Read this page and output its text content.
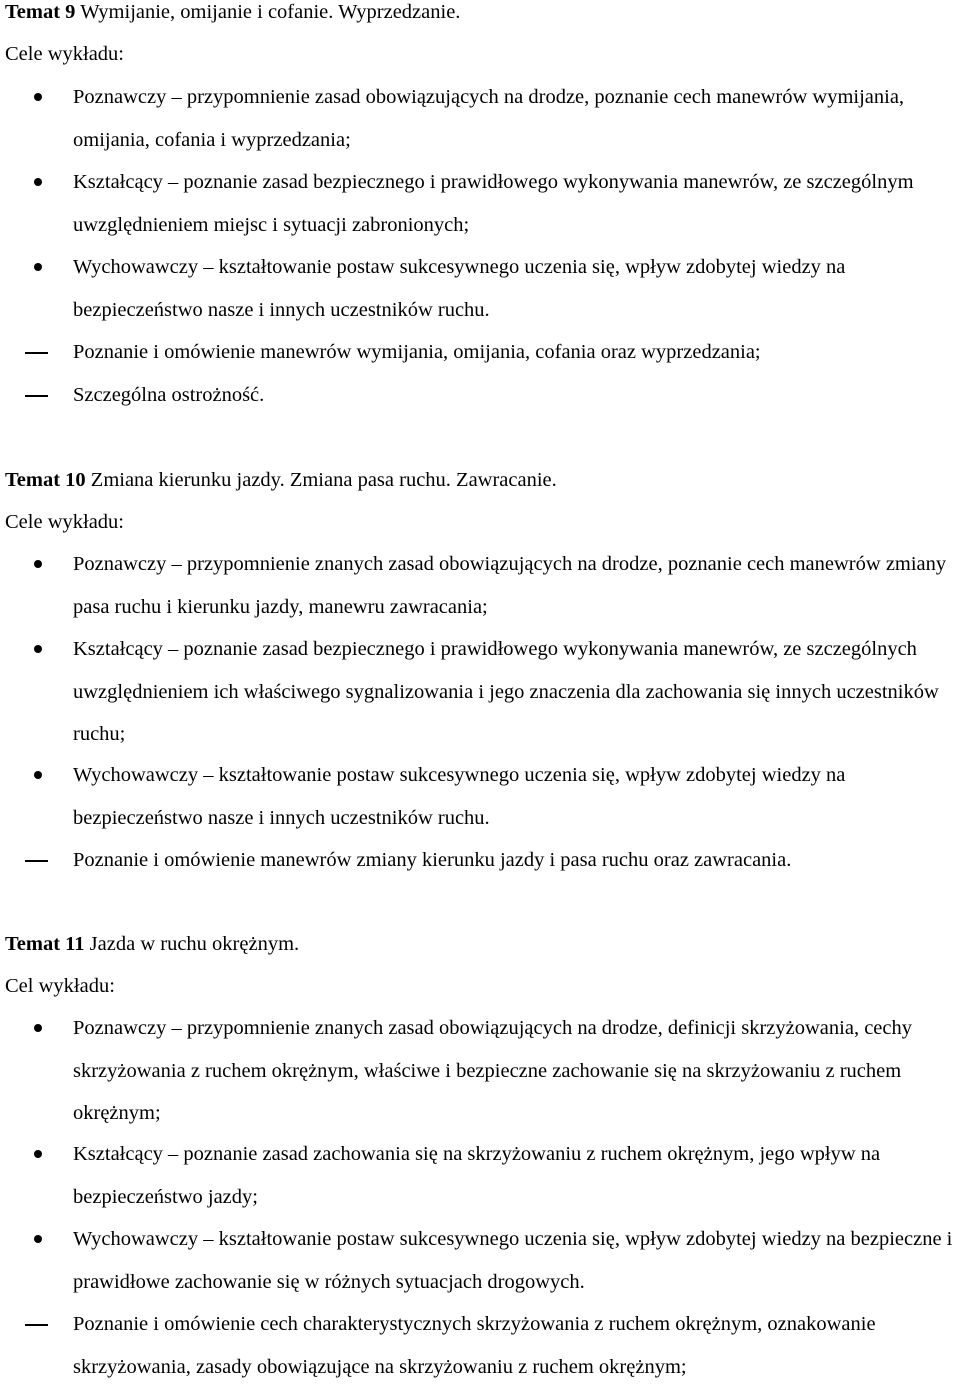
Temat 9 Wymijanie, omijanie i cofanie. Wyprzedzanie.
Cele wykładu:
Poznawczy – przypomnienie zasad obowiązujących na drodze, poznanie cech manewrów wymijania, omijania, cofania i wyprzedzania;
Kształcący – poznanie zasad bezpiecznego i prawidłowego wykonywania manewrów, ze szczególnym uwzględnieniem miejsc i sytuacji zabronionych;
Wychowawczy – kształtowanie postaw sukcesywnego uczenia się, wpływ zdobytej wiedzy na bezpieczeństwo nasze i innych uczestników ruchu.
Poznanie i omówienie manewrów wymijania, omijania, cofania oraz wyprzedzania;
Szczególna ostrożność.
Temat 10 Zmiana kierunku jazdy. Zmiana pasa ruchu. Zawracanie.
Cele wykładu:
Poznawczy – przypomnienie znanych zasad obowiązujących na drodze, poznanie cech manewrów zmiany pasa ruchu i kierunku jazdy, manewru zawracania;
Kształcący – poznanie zasad bezpiecznego i prawidłowego wykonywania manewrów, ze szczególnych uwzględnieniem ich właściwego sygnalizowania i jego znaczenia dla zachowania się innych uczestników ruchu;
Wychowawczy – kształtowanie postaw sukcesywnego uczenia się, wpływ zdobytej wiedzy na bezpieczeństwo nasze i innych uczestników ruchu.
Poznanie i omówienie manewrów zmiany kierunku jazdy i pasa ruchu oraz zawracania.
Temat 11 Jazda w ruchu okrężnym.
Cel wykładu:
Poznawczy – przypomnienie znanych zasad obowiązujących na drodze, definicji skrzyżowania, cechy skrzyżowania z ruchem okrężnym, właściwe i bezpieczne zachowanie się na skrzyżowaniu z ruchem okrężnym;
Kształcący – poznanie zasad zachowania się na skrzyżowaniu z ruchem okrężnym, jego wpływ na bezpieczeństwo jazdy;
Wychowawczy – kształtowanie postaw sukcesywnego uczenia się, wpływ zdobytej wiedzy na bezpieczne i prawidłowe zachowanie się w różnych sytuacjach drogowych.
Poznanie i omówienie cech charakterystycznych skrzyżowania z ruchem okrężnym, oznakowanie skrzyżowania, zasady obowiązujące na skrzyżowaniu z ruchem okrężnym;
